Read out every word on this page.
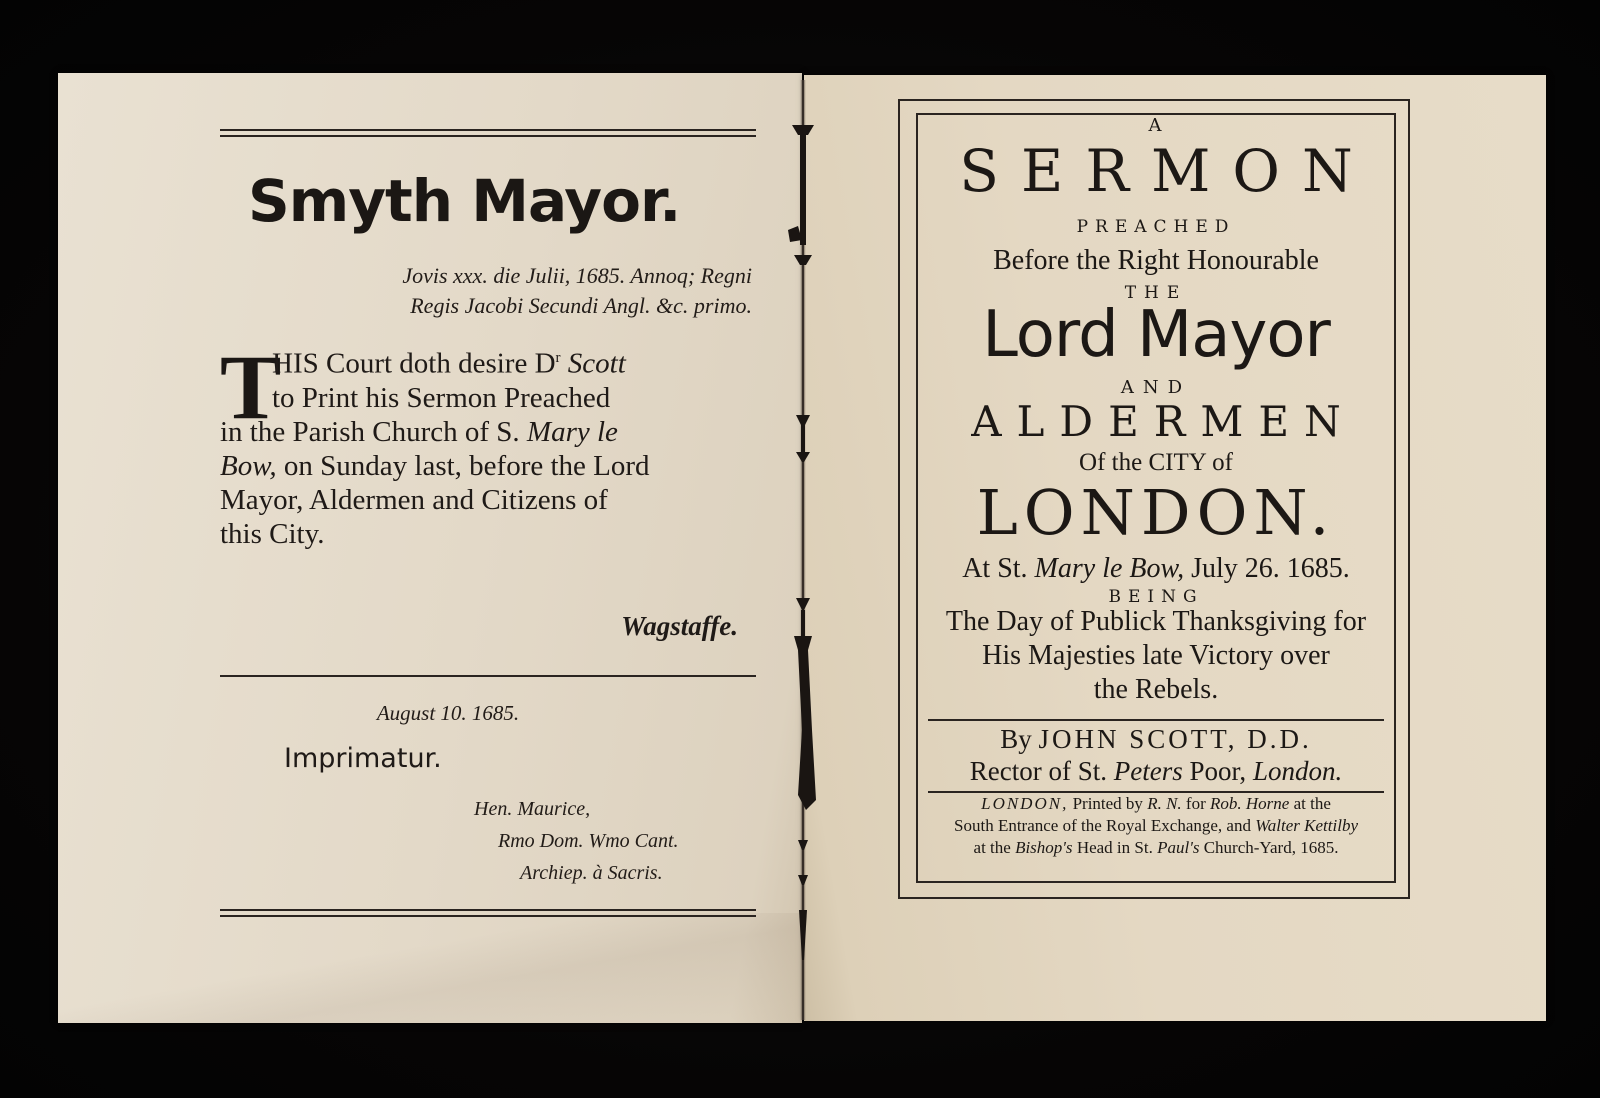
Smyth Mayor.
Jovis xxx. die Julii, 1685. Annoq; Regni
Regis Jacobi Secundi Angl. &c. primo.
T
HIS Court doth desire $D^r$ Scott
to Print his Sermon Preached
in the Parish Church of S. Mary le
Bow, on Sunday last, before the Lord
Mayor, Aldermen and Citizens of
this City.
Wagstaffe.
August 10. 1685.
Imprimatur.
Hen. Maurice,
Rmo Dom. Wmo Cant.
Archiep. à Sacris.
A
SERMON
PREACHED
Before the Right Honourable
THE
Lord Mayor
AND
ALDERMEN
Of the CITY of
LONDON.
At St. Mary le Bow, July 26. 1685.
BEING
The Day of Publick Thanksgiving for
His Majesties late Victory over
the Rebels.
By JOHN SCOTT, D.D.
Rector of St. Peters Poor, London.
LONDON, Printed by R. N. for Rob. Horne at the
South Entrance of the Royal Exchange, and Walter Kettilby
at the Bishop's Head in St. Paul's Church-Yard, 1685.
